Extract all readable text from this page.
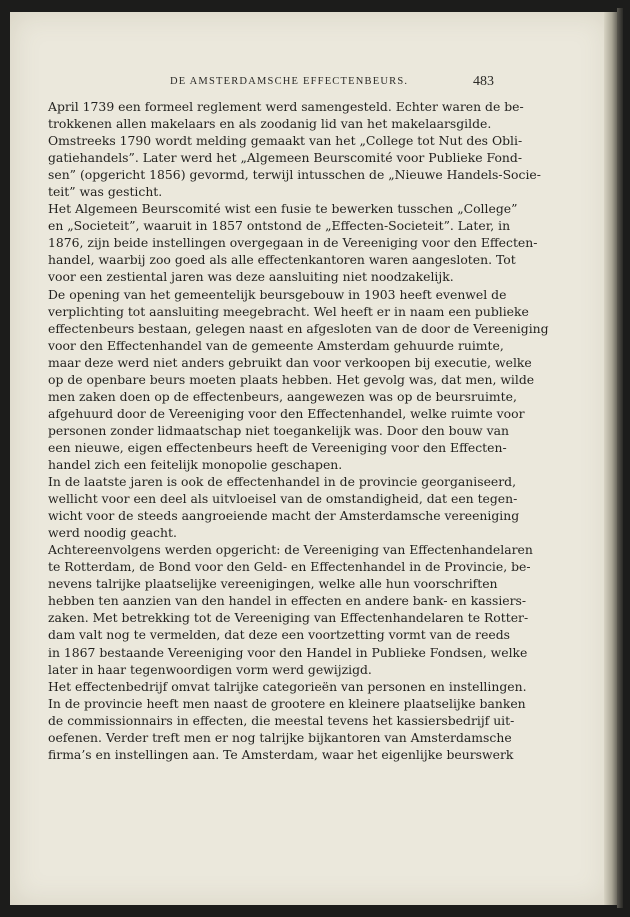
DE AMSTERDAMSCHE EFFECTENBEURS.	483
April 1739 een formeel reglement werd samengesteld. Echter waren de be-
trokkenen allen makelaars en als zoodanig lid van het makelaarsgilde.
Omstreeks 1790 wordt melding gemaakt van het „College tot Nut des Obli-
gatiehandels”. Later werd het „Algemeen Beurscomité voor Publieke Fond-
sen” (opgericht 1856) gevormd, terwijl intusschen de „Nieuwe Handels-Socie-
teit” was gesticht.
Het Algemeen Beurscomité wist een fusie te bewerken tusschen „College”
en „Societeit”, waaruit in 1857 ontstond de „Effecten-Societeit”. Later, in
1876, zijn beide instellingen overgegaan in de Vereeniging voor den Effecten-
handel, waarbij zoo goed als alle effectenkantoren waren aangesloten. Tot
voor een zestiental jaren was deze aansluiting niet noodzakelijk.
De opening van het gemeentelijk beursgebouw in 1903 heeft evenwel de
verplichting tot aansluiting meegebracht. Wel heeft er in naam een publieke
effectenbeurs bestaan, gelegen naast en afgesloten van de door de Vereeniging
voor den Effectenhandel van de gemeente Amsterdam gehuurde ruimte,
maar deze werd niet anders gebruikt dan voor verkoopen bij executie, welke
op de openbare beurs moeten plaats hebben. Het gevolg was, dat men, wilde
men zaken doen op de effectenbeurs, aangewezen was op de beursruimte,
afgehuurd door de Vereeniging voor den Effectenhandel, welke ruimte voor
personen zonder lidmaatschap niet toegankelijk was. Door den bouw van
een nieuwe, eigen effectenbeurs heeft de Vereeniging voor den Effecten-
handel zich een feitelijk monopolie geschapen.
In de laatste jaren is ook de effectenhandel in de provincie georganiseerd,
wellicht voor een deel als uitvloeisel van de omstandigheid, dat een tegen-
wicht voor de steeds aangroeiende macht der Amsterdamsche vereeniging
werd noodig geacht.
Achtereenvolgens werden opgericht: de Vereeniging van Effectenhandelaren
te Rotterdam, de Bond voor den Geld- en Effectenhandel in de Provincie, be-
nevens talrijke plaatselijke vereenigingen, welke alle hun voorschriften
hebben ten aanzien van den handel in effecten en andere bank- en kassiers-
zaken. Met betrekking tot de Vereeniging van Effectenhandelaren te Rotter-
dam valt nog te vermelden, dat deze een voortzetting vormt van de reeds
in 1867 bestaande Vereeniging voor den Handel in Publieke Fondsen, welke
later in haar tegenwoordigen vorm werd gewijzigd.
Het effectenbedrijf omvat talrijke categorieën van personen en instellingen.
In de provincie heeft men naast de grootere en kleinere plaatselijke banken
de commissionnairs in effecten, die meestal tevens het kassiersbedrijf uit-
oefenen. Verder treft men er nog talrijke bijkantoren van Amsterdamsche
firma’s en instellingen aan. Te Amsterdam, waar het eigenlijke beurswerk
